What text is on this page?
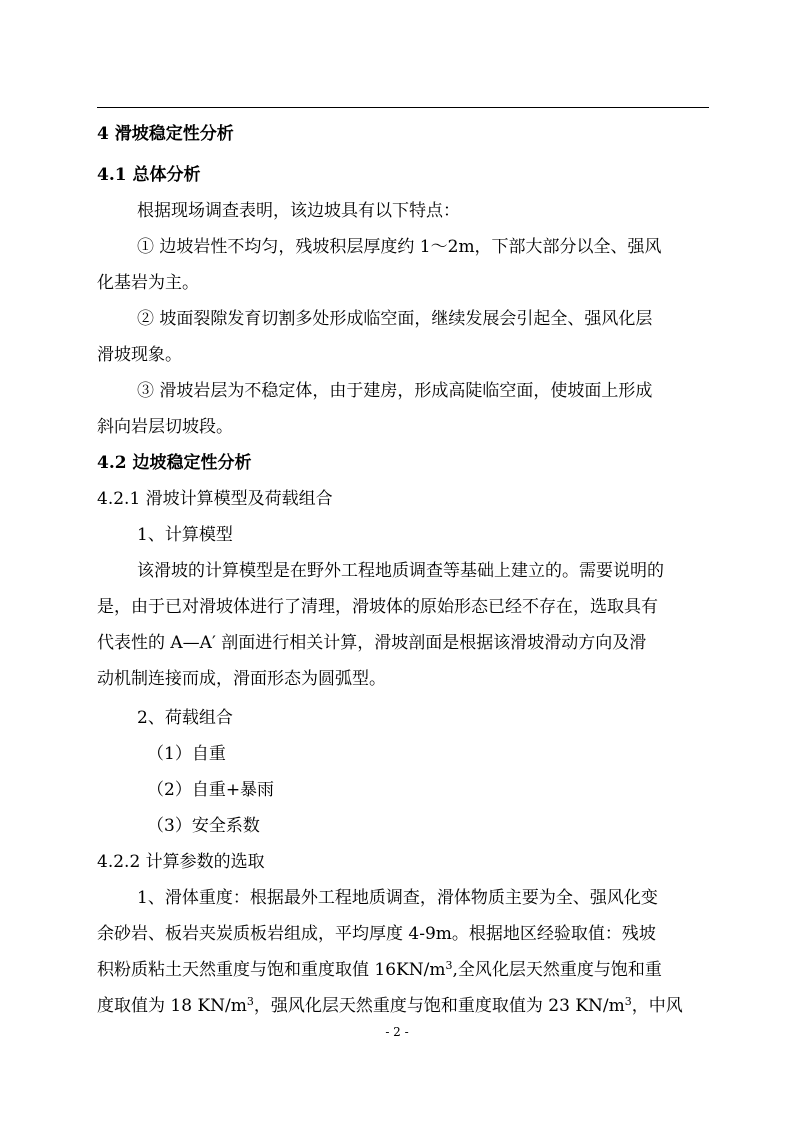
4 滑坡稳定性分析
4.1 总体分析
根据现场调查表明，该边坡具有以下特点：
① 边坡岩性不均匀，残坡积层厚度约 1～2m，下部大部分以全、强风
化基岩为主。
② 坡面裂隙发育切割多处形成临空面，继续发展会引起全、强风化层
滑坡现象。
③ 滑坡岩层为不稳定体，由于建房，形成高陡临空面，使坡面上形成
斜向岩层切坡段。
4.2 边坡稳定性分析
4.2.1 滑坡计算模型及荷载组合
1、计算模型
该滑坡的计算模型是在野外工程地质调查等基础上建立的。需要说明的
是，由于已对滑坡体进行了清理，滑坡体的原始形态已经不存在，选取具有
代表性的 A—A′ 剖面进行相关计算，滑坡剖面是根据该滑坡滑动方向及滑
动机制连接而成，滑面形态为圆弧型。
2、荷载组合
（1）自重
（2）自重+暴雨
（3）安全系数
4.2.2 计算参数的选取
1、滑体重度：根据最外工程地质调查，滑体物质主要为全、强风化变
余砂岩、板岩夹炭质板岩组成，平均厚度 4-9m。根据地区经验取值：残坡
积粉质粘土天然重度与饱和重度取值 $16KN/m^3$,全风化层天然重度与饱和重
度取值为 18 $KN/m^3$，强风化层天然重度与饱和重度取值为 23 $KN/m^3$，中风
- 2 -
